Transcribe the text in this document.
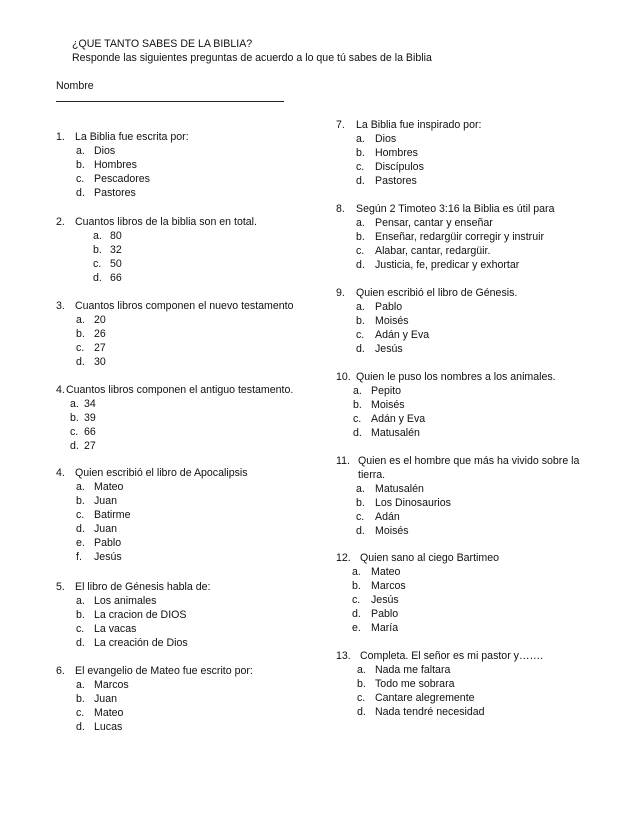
¿QUE TANTO SABES DE LA BIBLIA?
Responde las siguientes preguntas de acuerdo a lo que tú sabes de la Biblia
Nombre
1. La Biblia fue escrita por:
a. Dios
b. Hombres
c. Pescadores
d. Pastores
2. Cuantos libros de la biblia son en total.
a. 80
b. 32
c. 50
d. 66
3. Cuantos libros componen el nuevo testamento
a. 20
b. 26
c. 27
d. 30
4. Cuantos libros componen el antiguo testamento.
a. 34
b. 39
c. 66
d. 27
4. Quien escribió el libro de Apocalipsis
a. Mateo
b. Juan
c. Batirme
d. Juan
e. Pablo
f. Jesús
5. El libro de Génesis habla de:
a. Los animales
b. La cracion de DIOS
c. La vacas
d. La creación de Dios
6. El evangelio de Mateo fue escrito por:
a. Marcos
b. Juan
c. Mateo
d. Lucas
7. La Biblia fue inspirado por:
a. Dios
b. Hombres
c. Discípulos
d. Pastores
8. Según 2 Timoteo 3:16 la Biblia es útil para
a. Pensar, cantar y enseñar
b. Enseñar, redargüir corregir y instruir
c. Alabar, cantar, redargüir.
d. Justicia, fe, predicar y exhortar
9. Quien escribió el libro de Génesis.
a. Pablo
b. Moisés
c. Adán y Eva
d. Jesús
10. Quien le puso los nombres a los animales.
a. Pepito
b. Moisés
c. Adán y Eva
d. Matusalén
11. Quien es el hombre que más ha vivido sobre la
tierra.
a. Matusalén
b. Los Dinosaurios
c. Adán
d. Moisés
12. Quien sano al ciego Bartimeo
a. Mateo
b. Marcos
c. Jesús
d. Pablo
e. María
13. Completa. El señor es mi pastor y…….
a. Nada me faltara
b. Todo me sobrara
c. Cantare alegremente
d. Nada tendré necesidad
